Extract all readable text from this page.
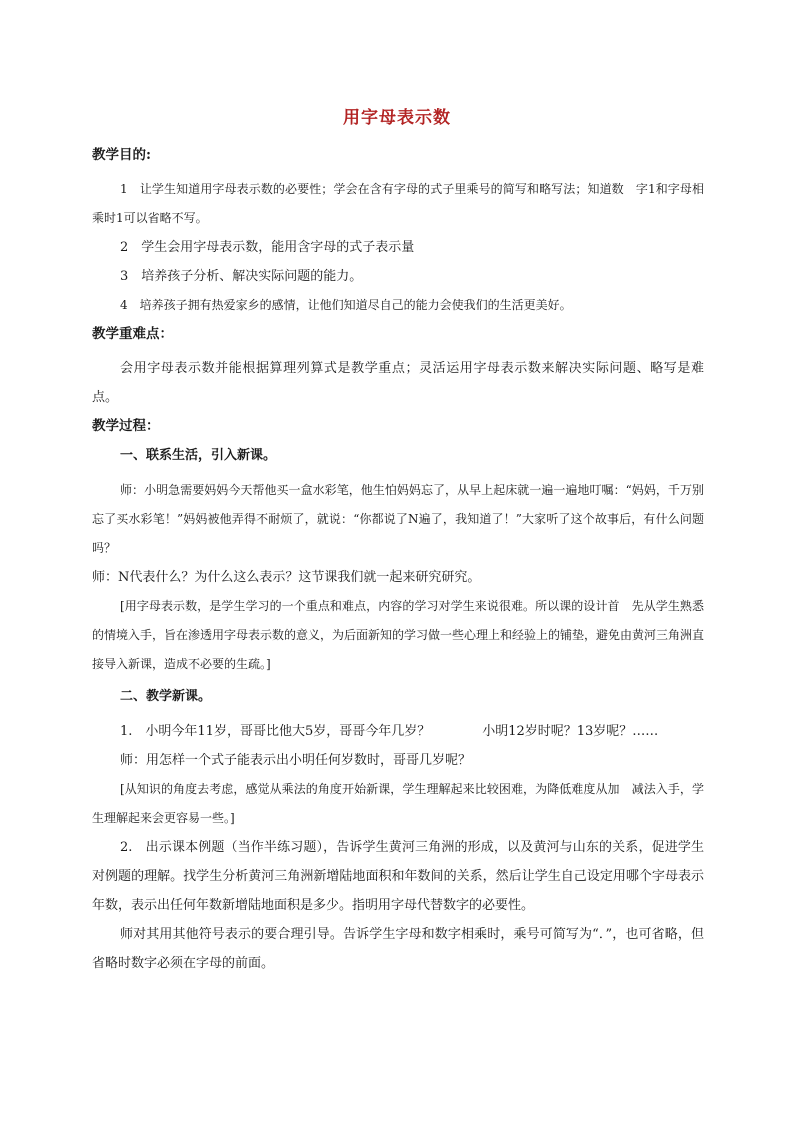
用字母表示数
教学目的:

1　让学生知道用字母表示数的必要性；学会在含有字母的式子里乘号的简写和略写法；知道数　字1和字母相乘时1可以省略不写。

2　学生会用字母表示数，能用含字母的式子表示量

3　培养孩子分析、解决实际问题的能力。

4　培养孩子拥有热爱家乡的感情，让他们知道尽自己的能力会使我们的生活更美好。

教学重难点：

会用字母表示数并能根据算理列算式是教学重点；灵活运用字母表示数来解决实际问题、略写是难点。

教学过程：
一、联系生活，引入新课。

师：小明急需要妈妈今天帮他买一盒水彩笔，他生怕妈妈忘了，从早上起床就一遍一遍地叮嘱：“妈妈，千万别忘了买水彩笔！”妈妈被他弄得不耐烦了，就说：“你都说了N遍了，我知道了！”大家听了这个故事后，有什么问题吗？

师：N代表什么？为什么这么表示？这节课我们就一起来研究研究。

[用字母表示数，是学生学习的一个重点和难点，内容的学习对学生来说很难。所以课的设计首　先从学生熟悉的情境入手，旨在渗透用字母表示数的意义，为后面新知的学习做一些心理上和经验上的铺垫，避免由黄河三角洲直接导入新课，造成不必要的生疏。]

二、教学新课。

1.　小明今年11岁，哥哥比他大5岁，哥哥今年几岁？　　　　小明12岁时呢？13岁呢？……

师：用怎样一个式子能表示出小明任何岁数时，哥哥几岁呢？

[从知识的角度去考虑，感觉从乘法的角度开始新课，学生理解起来比较困难，为降低难度从加　减法入手，学生理解起来会更容易一些。]

2.　出示课本例题（当作半练习题），告诉学生黄河三角洲的形成，以及黄河与山东的关系，促进学生对例题的理解。找学生分析黄河三角洲新增陆地面积和年数间的关系，然后让学生自己设定用哪个字母表示年数，表示出任何年数新增陆地面积是多少。指明用字母代替数字的必要性。

师对其用其他符号表示的要合理引导。告诉学生字母和数字相乘时，乘号可简写为“．”，也可省略，但省略时数字必须在字母的前面。
